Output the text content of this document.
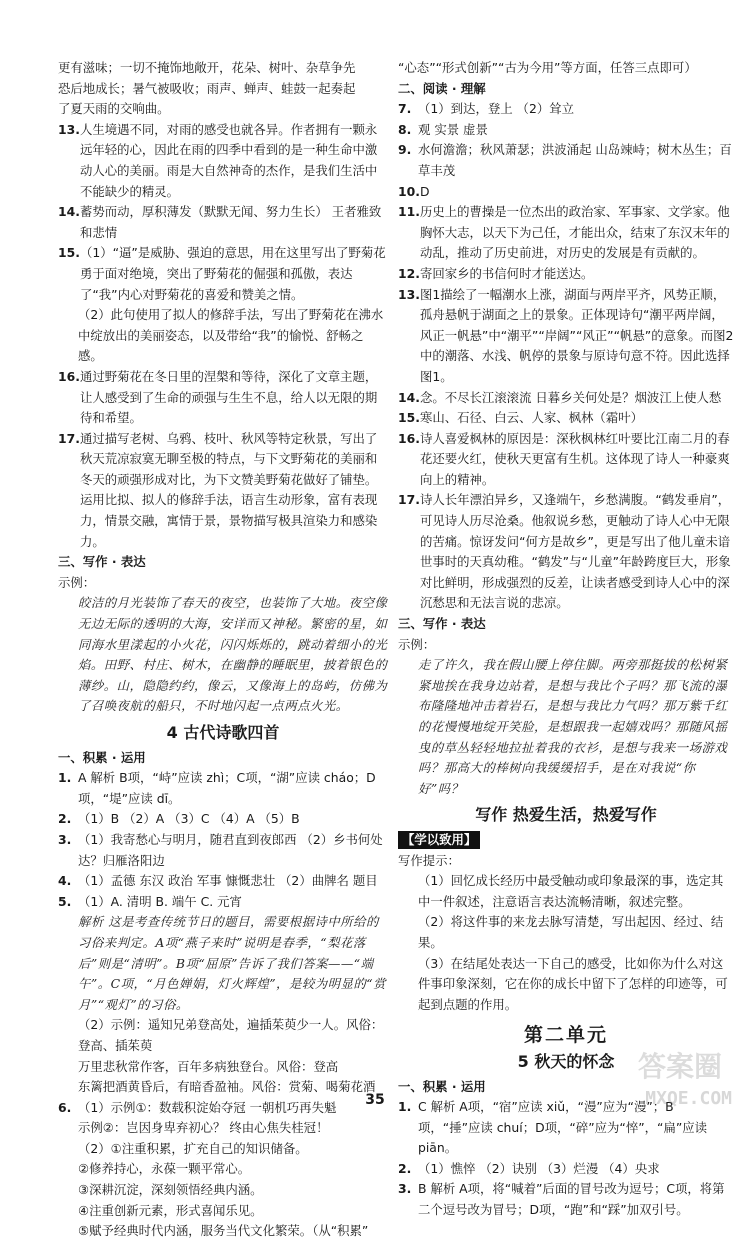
更有滋味；一切不掩饰地敞开，花朵、树叶、杂草争先
恐后地成长；暑气被吸收；雨声、蝉声、蛙鼓一起奏起
了夏天雨的交响曲。
13. 人生境遇不同，对雨的感受也就各异。作者拥有一颗永远年轻的心，因此在雨的四季中看到的是一种生命中激动人心的美丽。雨是大自然神奇的杰作，是我们生活中不能缺少的精灵。
14. 蓄势而动，厚积薄发（默默无闻、努力生长） 王者雅致和悲情
15. （1）“逼”是威胁、强迫的意思，用在这里写出了野菊花勇于面对绝境，突出了野菊花的倔强和孤傲，表达了“我”内心对野菊花的喜爱和赞美之情。
（2）此句使用了拟人的修辞手法，写出了野菊花在沸水中绽放出的美丽姿态，以及带给“我”的愉悦、舒畅之感。
16. 通过野菊花在冬日里的涅槃和等待，深化了文章主题，让人感受到了生命的顽强与生生不息，给人以无限的期待和希望。
17. 通过描写老树、乌鸦、枝叶、秋风等特定秋景，写出了秋天荒凉寂寞无聊至极的特点，与下文野菊花的美丽和冬天的顽强形成对比，为下文赞美野菊花做好了铺垫。运用比拟、拟人的修辞手法，语言生动形象，富有表现力，情景交融，寓情于景，景物描写极具渲染力和感染力。
三、写作 · 表达
示例：
皎洁的月光装饰了春天的夜空，也装饰了大地。夜空像无边无际的透明的大海，安详而又神秘。繁密的星，如同海水里漾起的小火花，闪闪烁烁的，跳动着细小的光焰。田野、村庄、树木，在幽静的睡眠里，披着银色的薄纱。山，隐隐约约，像云，又像海上的岛屿，仿佛为了召唤夜航的船只，不时地闪起一点两点火光。
4 古代诗歌四首
一、积累 · 运用
1. A 解析 B项，“峙”应读 zhì；C项，“湖”应读 cháo；D项，“堤”应读 dī。
2. （1）B （2）A （3）C （4）A （5）B
3. （1）我寄愁心与明月，随君直到夜郎西 （2）乡书何处达？归雁洛阳边
4. （1）孟德 东汉 政治 军事 慷慨悲壮 （2）曲牌名 题目
5. （1）A. 清明 B. 端午 C. 元宵
解析 这是考查传统节日的题目，需要根据诗中所给的习俗来判定。A项“燕子来时”说明是春季，“梨花落后”则是“清明”。B项“屈原”告诉了我们答案——“端午”。C项，“月色婵娟，灯火辉煌”，是较为明显的“赏月”“观灯”的习俗。
（2）示例：遥知兄弟登高处，遍插茱萸少一人。风俗：登高、插茱萸
万里悲秋常作客，百年多病独登台。风俗：登高
东篱把酒黄昏后，有暗香盈袖。风俗：赏菊、喝菊花酒
6. （1）示例①：数载积淀始夺冠 一朝机巧再失魁
示例②：岂因身卑弃初心？ 终由心焦失桂冠！
（2）①注重积累，扩充自己的知识储备。
②修养持心，永葆一颗平常心。
③深耕沉淀，深刻领悟经典内涵。
④注重创新元素，形式喜闻乐见。
⑤赋予经典时代内涵，服务当代文化繁荣。（从“积累”
“心态”“形式创新”“古为今用”等方面，任答三点即可）
二、阅读 · 理解
7. （1）到达，登上 （2）耸立
8. 观 实景 虚景
9. 水何澹澹；秋风萧瑟；洪波涌起 山岛竦峙；树木丛生；百草丰茂
10. D
11. 历史上的曹操是一位杰出的政治家、军事家、文学家。他胸怀大志，以天下为己任，才能出众，结束了东汉末年的动乱，推动了历史前进，对历史的发展是有贡献的。
12. 寄回家乡的书信何时才能送达。
13. 图1描绘了一幅潮水上涨，湖面与两岸平齐，风势正顺，孤舟悬帆于湖面之上的景象。正体现诗句“潮平两岸阔，风正一帆悬”中“潮平”“岸阔”“风正”“帆悬”的意象。而图2中的潮落、水浅、帆停的景象与原诗句意不符。因此选择图1。
14. 念。不尽长江滚滚流 日暮乡关何处是？烟波江上使人愁
15. 寒山、石径、白云、人家、枫林（霜叶）
16. 诗人喜爱枫林的原因是：深秋枫林红叶要比江南二月的春花还要火红，使秋天更富有生机。这体现了诗人一种豪爽向上的精神。
17. 诗人长年漂泊异乡，又逢端午，乡愁满腹。“鹤发垂肩”，可见诗人历尽沧桑。他叙说乡愁，更触动了诗人心中无限的苦痛。惊讶发问“何方是故乡”，更是写出了他儿童未谙世事时的天真幼稚。“鹤发”与“儿童”年龄跨度巨大，形象对比鲜明，形成强烈的反差，让读者感受到诗人心中的深沉愁思和无法言说的悲凉。
三、写作 · 表达
示例：
走了许久，我在假山腰上停住脚。两旁那挺拔的松树紧紧地挨在我身边站着，是想与我比个子吗？那飞流的瀑布隆隆地冲击着岩石，是想与我比力气吗？那万紫千红的花慢慢地绽开笑脸，是想跟我一起嬉戏吗？那随风摇曳的草丛轻轻地拉扯着我的衣衫，是想与我来一场游戏吗？那高大的棒树向我缓缓招手，是在对我说“你好”吗？
写作 热爱生活，热爱写作
【学以致用】
写作提示：
（1）回忆成长经历中最受触动或印象最深的事，选定其中一件叙述，注意语言表达流畅清晰，叙述完整。
（2）将这件事的来龙去脉写清楚，写出起因、经过、结果。
（3）在结尾处表达一下自己的感受，比如你为什么对这件事印象深刻，它在你的成长中留下了怎样的印迹等，可起到点题的作用。
第二单元
5 秋天的怀念
一、积累 · 运用
1. C 解析 A项，“宿”应读 xiǔ，“漫”应为“漫”；B项，“捶”应读 chuí；D项，“碎”应为“悴”，“扁”应读 piān。
2. （1）憔悴 （2）诀别 （3）烂漫 （4）央求
3. B 解析 A项，将“喊着”后面的冒号改为逗号；C项，将第二个逗号改为冒号；D项，“跑”和“踩”加双引号。
35
答案圈
MXQE.COM
